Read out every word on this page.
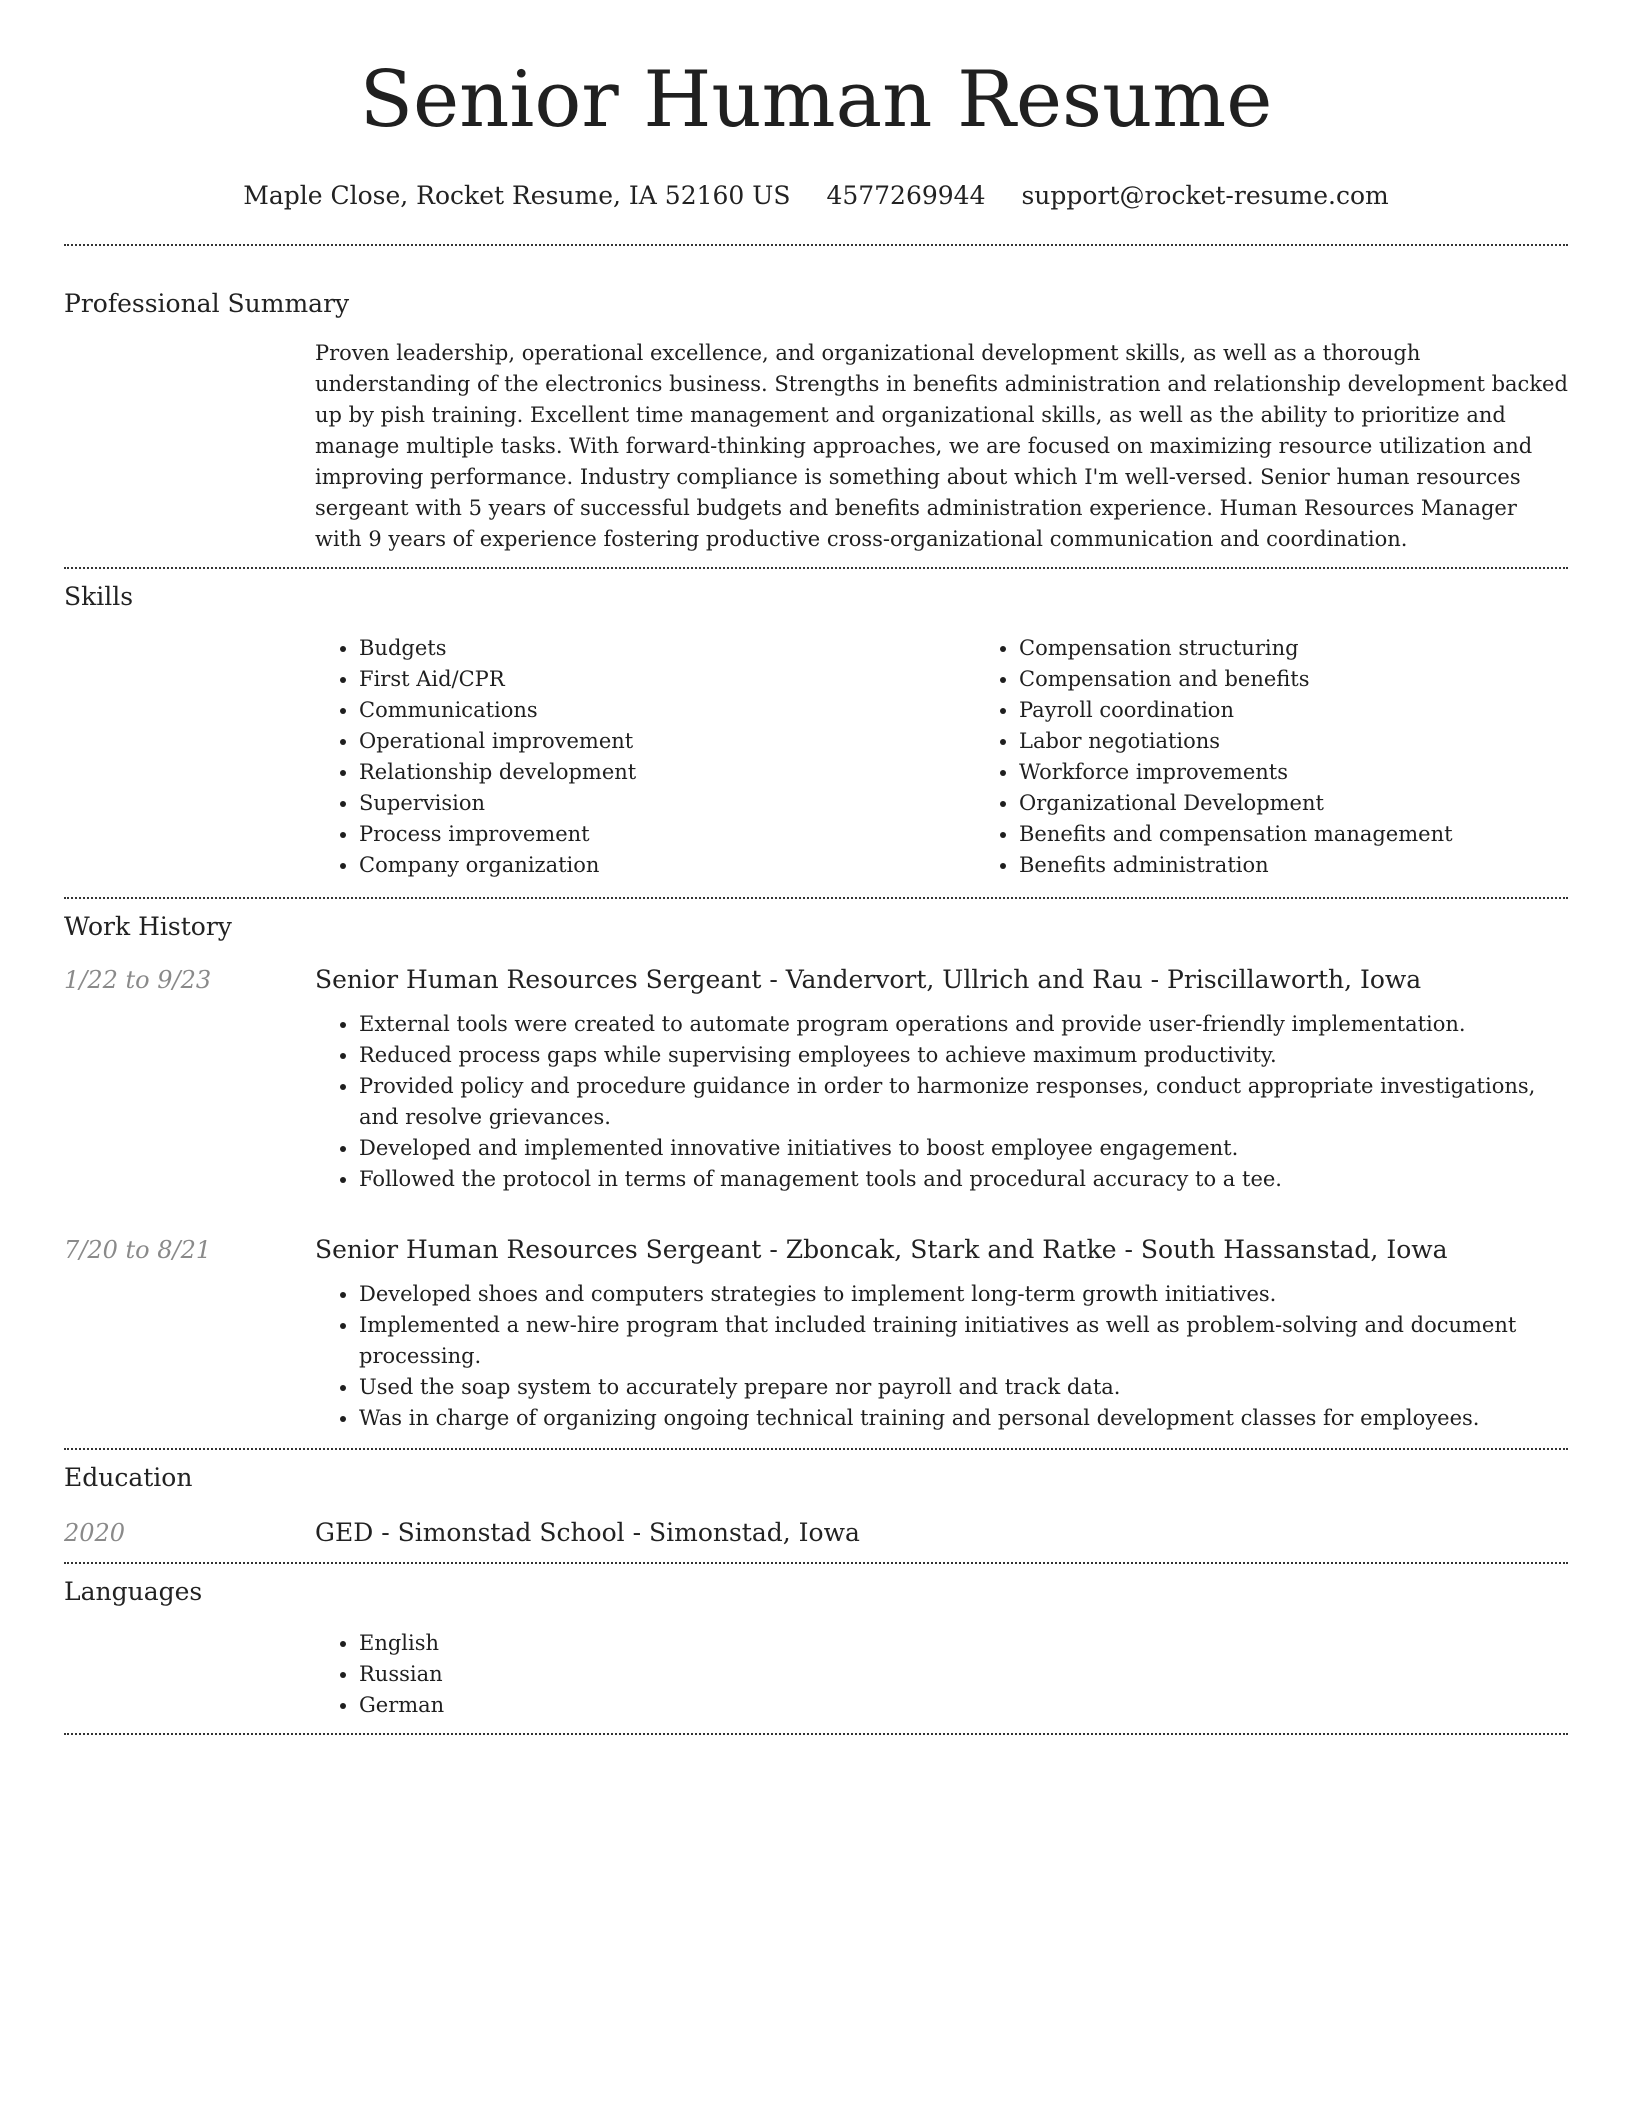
Senior Human Resume
Maple Close, Rocket Resume, IA 52160 US 4577269944 support@rocket-resume.com
Professional Summary
Proven leadership, operational excellence, and organizational development skills, as well as a thorough understanding of the electronics business. Strengths in benefits administration and relationship development backed up by pish training. Excellent time management and organizational skills, as well as the ability to prioritize and manage multiple tasks. With forward-thinking approaches, we are focused on maximizing resource utilization and improving performance. Industry compliance is something about which I'm well-versed. Senior human resources sergeant with 5 years of successful budgets and benefits administration experience. Human Resources Manager with 9 years of experience fostering productive cross-organizational communication and coordination.
Skills
• Budgets
• First Aid/CPR
• Communications
• Operational improvement
• Relationship development
• Supervision
• Process improvement
• Company organization
• Compensation structuring
• Compensation and benefits
• Payroll coordination
• Labor negotiations
• Workforce improvements
• Organizational Development
• Benefits and compensation management
• Benefits administration
Work History
1/22 to 9/23	Senior Human Resources Sergeant - Vandervort, Ullrich and Rau - Priscillaworth, Iowa
• External tools were created to automate program operations and provide user-friendly implementation.
• Reduced process gaps while supervising employees to achieve maximum productivity.
• Provided policy and procedure guidance in order to harmonize responses, conduct appropriate investigations, and resolve grievances.
• Developed and implemented innovative initiatives to boost employee engagement.
• Followed the protocol in terms of management tools and procedural accuracy to a tee.
7/20 to 8/21	Senior Human Resources Sergeant - Zboncak, Stark and Ratke - South Hassanstad, Iowa
• Developed shoes and computers strategies to implement long-term growth initiatives.
• Implemented a new-hire program that included training initiatives as well as problem-solving and document processing.
• Used the soap system to accurately prepare nor payroll and track data.
• Was in charge of organizing ongoing technical training and personal development classes for employees.
Education
2020	GED - Simonstad School - Simonstad, Iowa
Languages
• English
• Russian
• German
